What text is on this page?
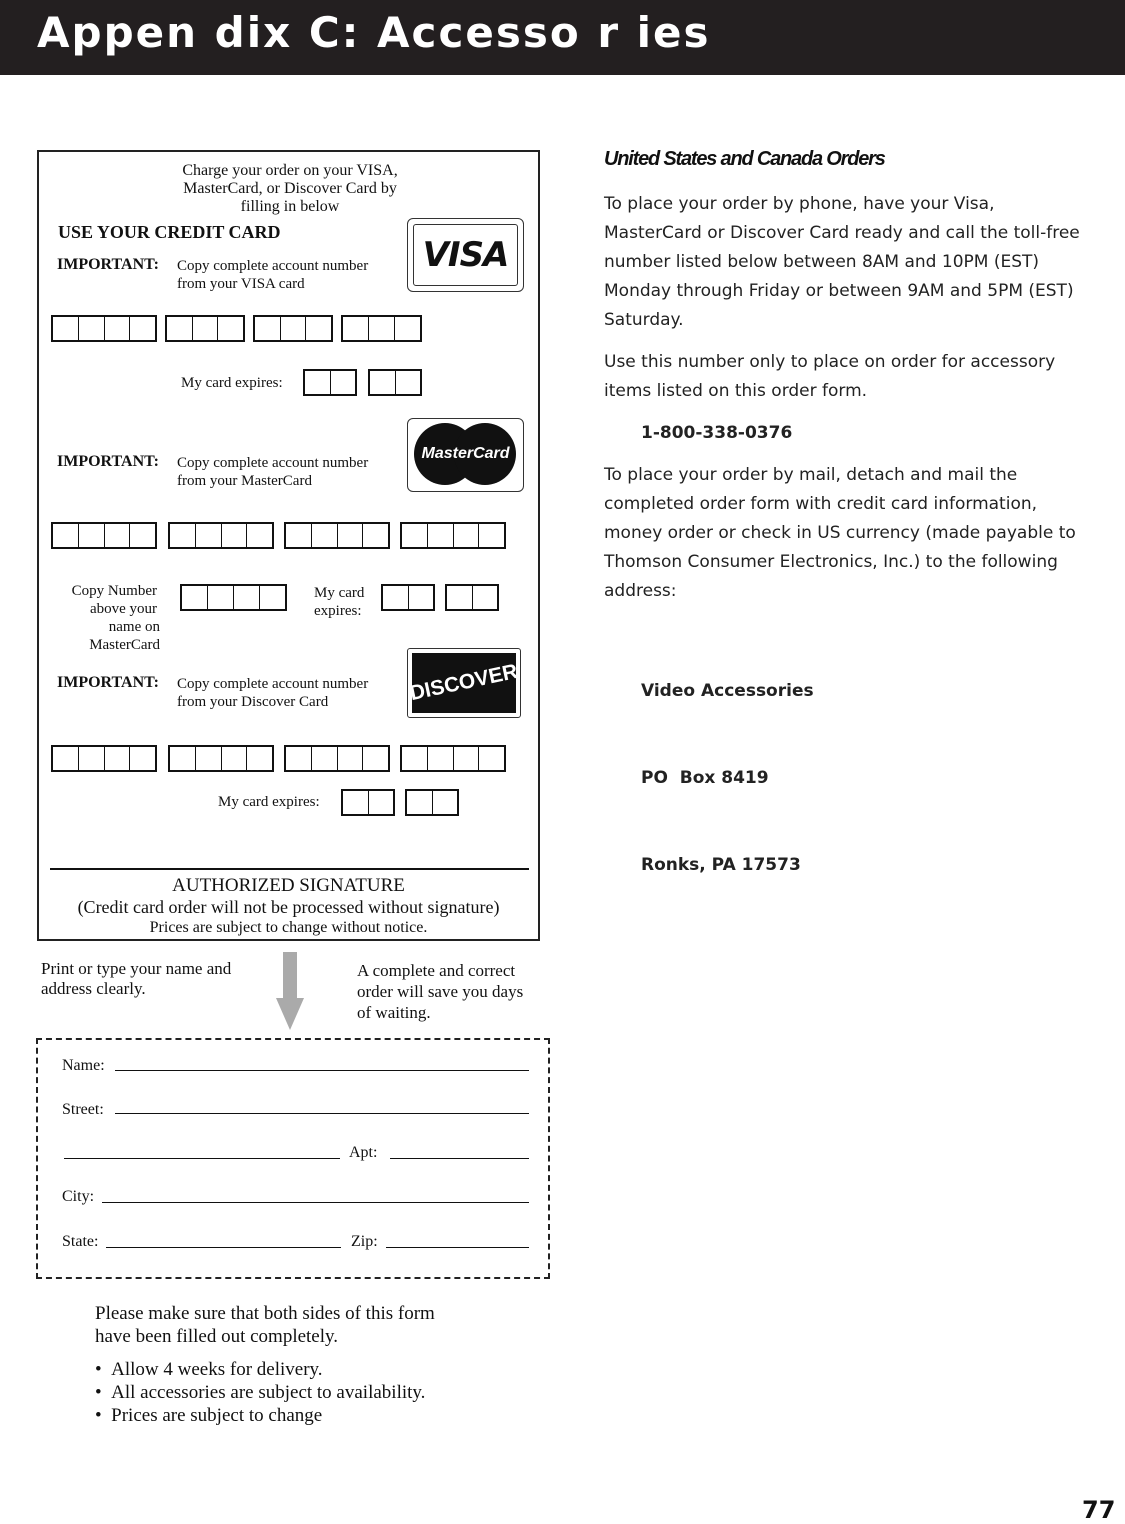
Appen dix C: Accesso r ies
Charge your order on your VISA,
MasterCard, or Discover Card by
filling in below
USE YOUR CREDIT CARD
IMPORTANT: Copy complete account number
from your VISA card
VISA
My card expires:
IMPORTANT: Copy complete account number
from your MasterCard
MasterCard
Copy Number
above your
name on
MasterCard
My card
expires:
IMPORTANT: Copy complete account number
from your Discover Card	DISCOVER
My card expires:
AUTHORIZED SIGNATURE
(Credit card order will not be processed without signature)
Prices are subject to change without notice.
Print or type your name and
address clearly.
A complete and correct
order will save you days
of waiting.
Name:
Street:
Apt:
City:
State:	Zip:
Please make sure that both sides of this form
have been filled out completely.
•  Allow 4 weeks for delivery.
•  All accessories are subject to availability.
•  Prices are subject to change
United States and Canada Orders
To place your order by phone, have your Visa,
MasterCard or Discover Card ready and call the toll-free
number listed below between 8AM and 10PM (EST)
Monday through Friday or between 9AM and 5PM (EST)
Saturday.
Use this number only to place on order for accessory
items listed on this order form.
1-800-338-0376
To place your order by mail, detach and mail the
completed order form with credit card information,
money order or check in US currency (made payable to
Thomson Consumer Electronics, Inc.) to the following
address:

Video Accessories

PO  Box 8419

Ronks, PA 17573

77
